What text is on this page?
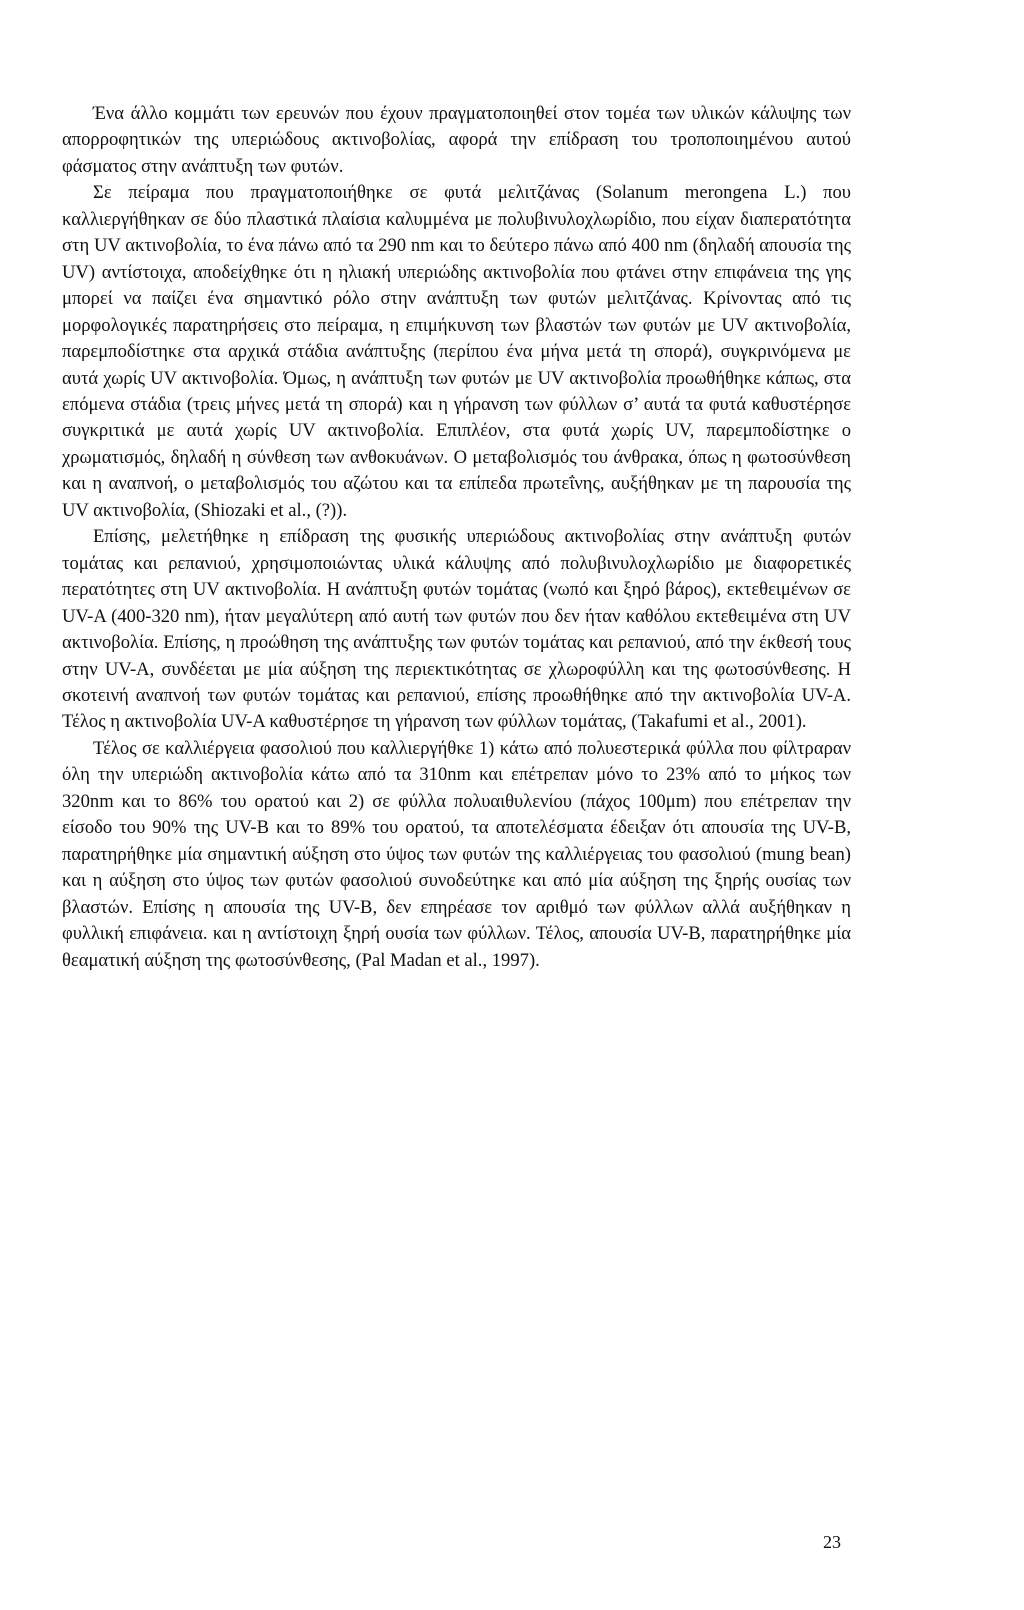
Ένα άλλο κομμάτι των ερευνών που έχουν πραγματοποιηθεί στον τομέα των υλικών κάλυψης των απορροφητικών της υπεριώδους ακτινοβολίας, αφορά την επίδραση του τροποποιημένου αυτού φάσματος στην ανάπτυξη των φυτών.

Σε πείραμα που πραγματοποιήθηκε σε φυτά μελιτζάνας (Solanum merongena L.) που καλλιεργήθηκαν σε δύο πλαστικά πλαίσια καλυμμένα με πολυβινυλοχλωρίδιο, που είχαν διαπερατότητα στη UV ακτινοβολία, το ένα πάνω από τα 290 nm και το δεύτερο πάνω από 400 nm (δηλαδή απουσία της UV) αντίστοιχα, αποδείχθηκε ότι η ηλιακή υπεριώδης ακτινοβολία που φτάνει στην επιφάνεια της γης μπορεί να παίζει ένα σημαντικό ρόλο στην ανάπτυξη των φυτών μελιτζάνας. Κρίνοντας από τις μορφολογικές παρατηρήσεις στο πείραμα, η επιμήκυνση των βλαστών των φυτών με UV ακτινοβολία, παρεμποδίστηκε στα αρχικά στάδια ανάπτυξης (περίπου ένα μήνα μετά τη σπορά), συγκρινόμενα με αυτά χωρίς UV ακτινοβολία. Όμως, η ανάπτυξη των φυτών με UV ακτινοβολία προωθήθηκε κάπως, στα επόμενα στάδια (τρεις μήνες μετά τη σπορά) και η γήρανση των φύλλων σ’ αυτά τα φυτά καθυστέρησε συγκριτικά με αυτά χωρίς UV ακτινοβολία. Επιπλέον, στα φυτά χωρίς UV, παρεμποδίστηκε ο χρωματισμός, δηλαδή η σύνθεση των ανθοκυάνων. Ο μεταβολισμός του άνθρακα, όπως η φωτοσύνθεση και η αναπνοή, ο μεταβολισμός του αζώτου και τα επίπεδα πρωτεΐνης, αυξήθηκαν με τη παρουσία της UV ακτινοβολία, (Shiozaki et al., (?)).

Επίσης, μελετήθηκε η επίδραση της φυσικής υπεριώδους ακτινοβολίας στην ανάπτυξη φυτών τομάτας και ρεπανιού, χρησιμοποιώντας υλικά κάλυψης από πολυβινυλοχλωρίδιο με διαφορετικές περατότητες στη UV ακτινοβολία. Η ανάπτυξη φυτών τομάτας (νωπό και ξηρό βάρος), εκτεθειμένων σε UV-A (400-320 nm), ήταν μεγαλύτερη από αυτή των φυτών που δεν ήταν καθόλου εκτεθειμένα στη UV ακτινοβολία. Επίσης, η προώθηση της ανάπτυξης των φυτών τομάτας και ρεπανιού, από την έκθεσή τους στην UV-A, συνδέεται με μία αύξηση της περιεκτικότητας σε χλωροφύλλη και της φωτοσύνθεσης. Η σκοτεινή αναπνοή των φυτών τομάτας και ρεπανιού, επίσης προωθήθηκε από την ακτινοβολία UV-A. Τέλος η ακτινοβολία UV-A καθυστέρησε τη γήρανση των φύλλων τομάτας, (Takafumi et al., 2001).

Τέλος σε καλλιέργεια φασολιού που καλλιεργήθκε 1) κάτω από πολυεστερικά φύλλα που φίλτραραν όλη την υπεριώδη ακτινοβολία κάτω από τα 310nm και επέτρεπαν μόνο το 23% από το μήκος των 320nm και το 86% του ορατού και 2) σε φύλλα πολυαιθυλενίου (πάχος 100μm) που επέτρεπαν την είσοδο του 90% της UV-B και το 89% του ορατού, τα αποτελέσματα έδειξαν ότι απουσία της UV-B, παρατηρήθηκε μία σημαντική αύξηση στο ύψος των φυτών της καλλιέργειας του φασολιού (mung bean) και η αύξηση στο ύψος των φυτών φασολιού συνοδεύτηκε και από μία αύξηση της ξηρής ουσίας των βλαστών. Επίσης η απουσία της UV-B, δεν επηρέασε τον αριθμό των φύλλων αλλά αυξήθηκαν η φυλλική επιφάνεια. και η αντίστοιχη ξηρή ουσία των φύλλων. Τέλος, απουσία UV-B, παρατηρήθηκε μία θεαματική αύξηση της φωτοσύνθεσης, (Pal Madan et al., 1997).

23
